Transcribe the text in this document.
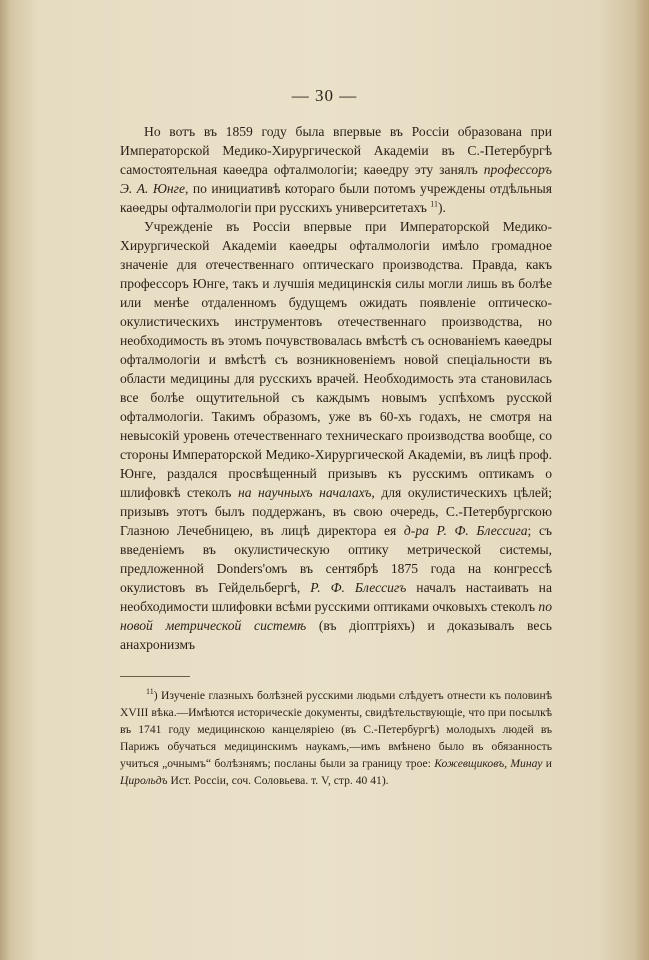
— 30 —

Но вотъ въ 1859 году была впервые въ Россіи образована при Императорской Медико-Хирургической Академіи въ С.-Петербургѣ самостоятельная каѳедра офталмологіи; каѳедру эту занялъ профессоръ Э. А. Юнге, по инициативѣ котораго были потомъ учреждены отдѣльныя каѳедры офталмологіи при русскихъ университетахъ $^{11}$).

Учрежденіе въ Россіи впервые при Императорской Медико-Хирургической Академіи каѳедры офталмологіи имѣло громадное значеніе для отечественнаго оптическаго производства. Правда, какъ профессоръ Юнге, такъ и лучшія медицинскія силы могли лишь въ болѣе или менѣе отдаленномъ будущемъ ожидать появленіе оптическо-окулистическихъ инструментовъ отечественнаго производства, но необходимость въ этомъ почувствовалась вмѣстѣ съ основаніемъ каѳедры офталмологіи и вмѣстѣ съ возникновеніемъ новой спеціальности въ области медицины для русскихъ врачей. Необходимость эта становилась все болѣе ощутительной съ каждымъ новымъ успѣхомъ русской офталмологіи. Такимъ образомъ, уже въ 60-хъ годахъ, не смотря на невысокій уровень отечественнаго техническаго производства вообще, со стороны Императорской Медико-Хирургической Академіи, въ лицѣ проф. Юнге, раздался просвѣщенный призывъ къ русскимъ оптикамъ о шлифовкѣ стеколъ на научныхъ началахъ, для окулистическихъ цѣлей; призывъ этотъ былъ поддержанъ, въ свою очередь, С.-Петербургскою Глазною Лечебницею, въ лицѣ директора ея д-ра Р. Ф. Блессига; съ введеніемъ въ окулистическую оптику метрической системы, предложенной Donders'омъ въ сентябрѣ 1875 года на конгрессѣ окулистовъ въ Гейдельбергѣ, Р. Ф. Блессигъ началъ настаивать на необходимости шлифовки всѣми русскими оптиками очковыхъ стеколъ по новой метрической системѣ (въ діоптріяхъ) и доказывалъ весь анахронизмъ

$^{11}$) Изученіе глазныхъ болѣзней русскими людьми слѣдуетъ отнести къ половинѣ XVIII вѣка.—Имѣются историческіе документы, свидѣтельствующіе, что при посылкѣ въ 1741 году медицинскою канцеляріею (въ С.-Петербургѣ) молодыхъ людей въ Парижъ обучаться медицинскимъ наукамъ,—имъ вмѣнено было въ обязанность учиться „очнымъ“ болѣзнямъ; посланы были за границу трое: Кожевщиковъ, Минау и Цирольдъ Ист. Россіи, соч. Соловьева. т. V, стр. 40 41).
